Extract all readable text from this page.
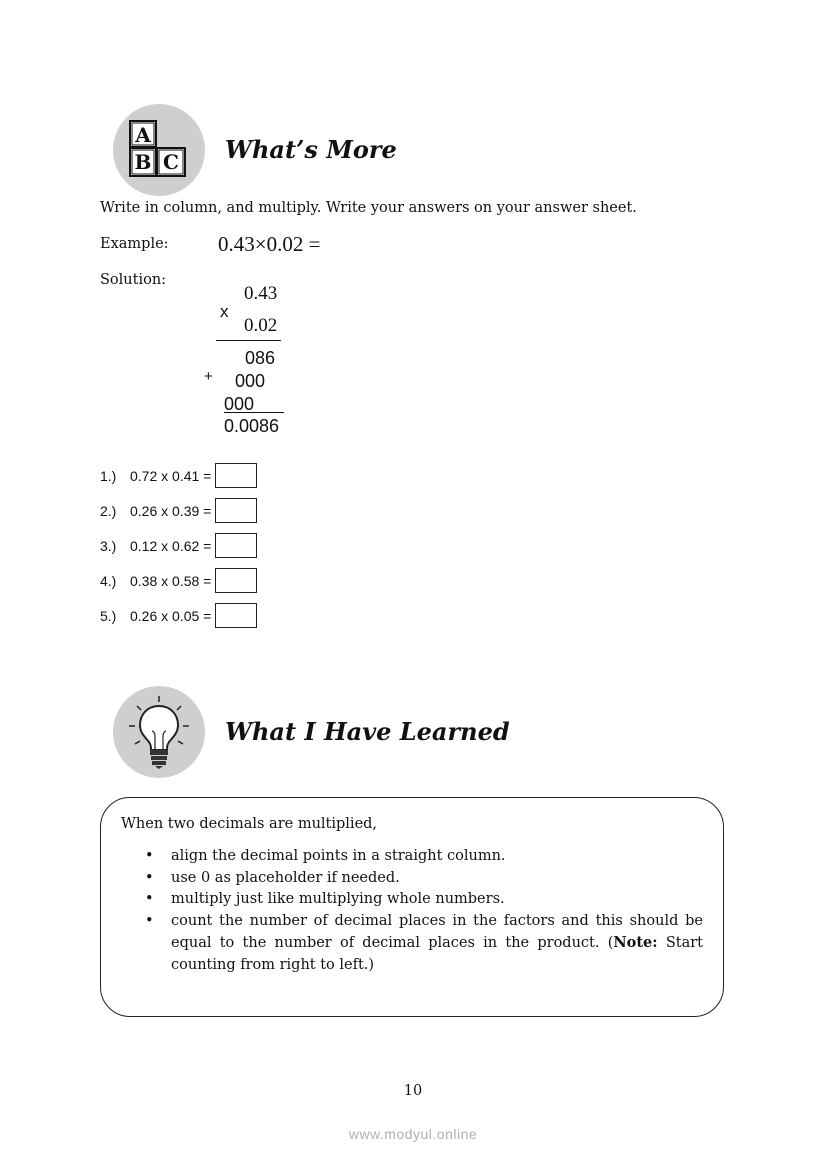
A
B C What’s More
Write in column, and multiply. Write your answers on your answer sheet.
Example: 0.43×0.02 =
Solution:
0.43
x
0.02
086
+ 000
000
0.0086
1.) 0.72 x 0.41 =
2.) 0.26 x 0.39 =
3.) 0.12 x 0.62 =
4.) 0.38 x 0.58 =
5.) 0.26 x 0.05 =
What I Have Learned
When two decimals are multiplied,
• align the decimal points in a straight column.
• use 0 as placeholder if needed.
• multiply just like multiplying whole numbers.
• count the number of decimal places in the factors and this should be equal to the number of decimal places in the product. (Note: Start counting from right to left.)
10
www.modyul.online
